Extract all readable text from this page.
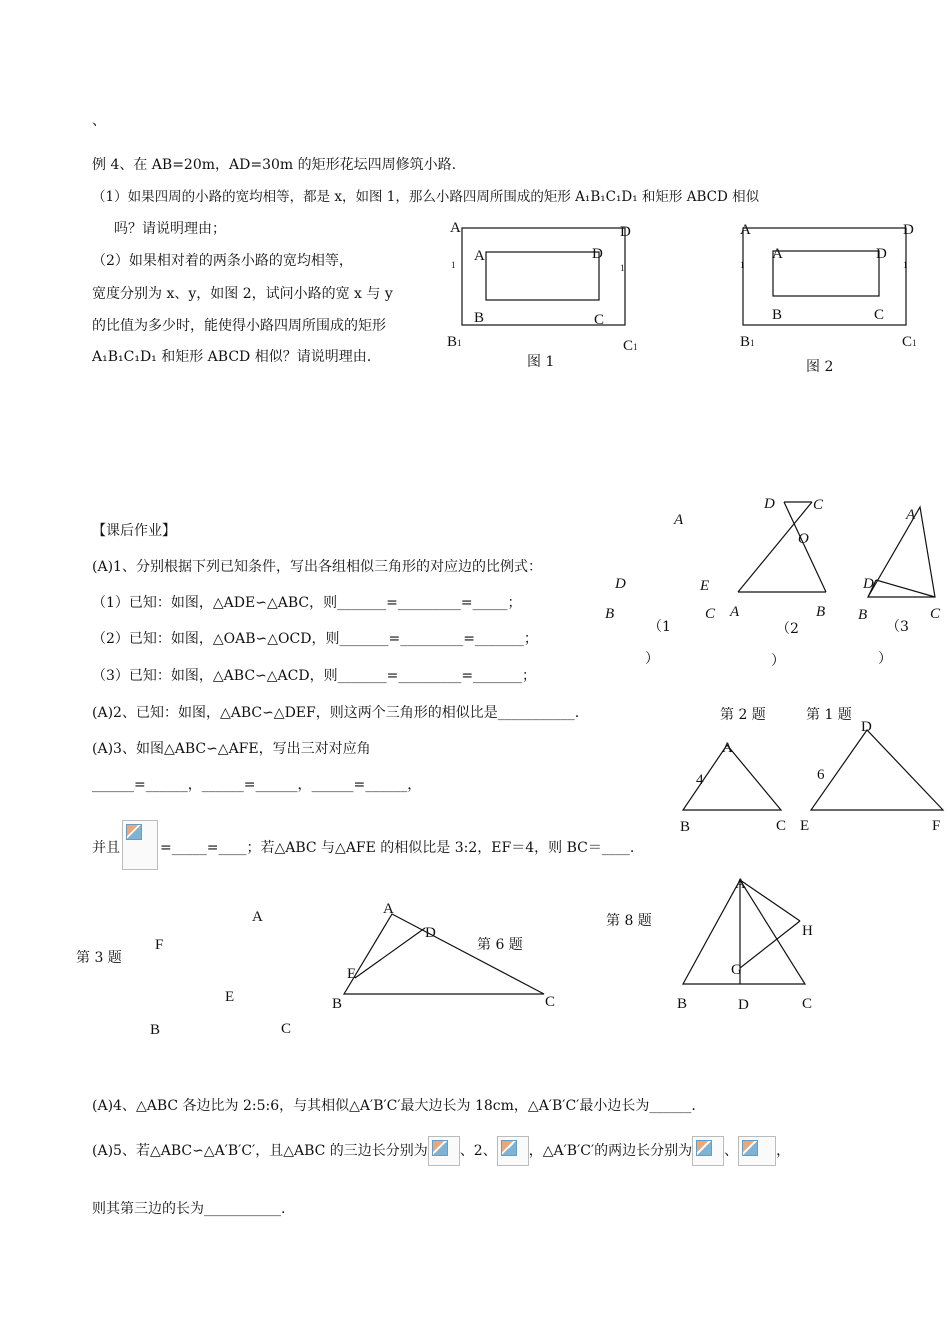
、
例 4、在 AB=20m，AD=30m 的矩形花坛四周修筑小路.
（1）如果四周的小路的宽均相等，都是 x，如图 1，那么小路四周所围成的矩形 A₁B₁C₁D₁ 和矩形 ABCD 相似
吗？请说明理由；
（2）如果相对着的两条小路的宽均相等，
宽度分别为 x、y，如图 2，试问小路的宽 x 与 y
的比值为多少时，能使得小路四周所围成的矩形
A₁B₁C₁D₁ 和矩形 ABCD 相似？请说明理由.
A	D
1	1
A	D
B	C
B1	C1
图 1
A	D
1	1
A	D
B	C
B1	C1
图 2
【课后作业】
(A)1、分别根据下列已知条件，写出各组相似三角形的对应边的比例式：
（1）已知：如图，△ADE∽△ABC，则_______=_________=_____；
（2）已知：如图，△OAB∽△OCD，则_______=_________=_______；
（3）已知：如图，△ABC∽△ACD，则_______=_________=_______；
(A)2、已知：如图，△ABC∽△DEF，则这两个三角形的相似比是___________.
(A)3、如图△ABC∽△AFE，写出三对对应角
______=______，______=______，______=______，
并且	=_____=____；若△ABC 与△AFE 的相似比是 3:2，EF＝4，则 BC＝____.
A
D	E
B	C
（1
）
D	C
O
A	B
（2
）
A
D
B	C
（3
）
第 2 题	第 1 题
A
4
B	C
D
6
E	F
A
F
第 3 题
E
B	C
A
D
第 6 题
E
B	C
第 8 题
A
H
G
B	D	C
(A)4、△ABC 各边比为 2:5:6，与其相似△A′B′C′最大边长为 18cm，△A′B′C′最小边长为______.
(A)5、若△ABC∽△A′B′C′，且△ABC 的三边长分别为 、2、 ，△A′B′C′的两边长分别为 、	，
则其第三边的长为___________.
